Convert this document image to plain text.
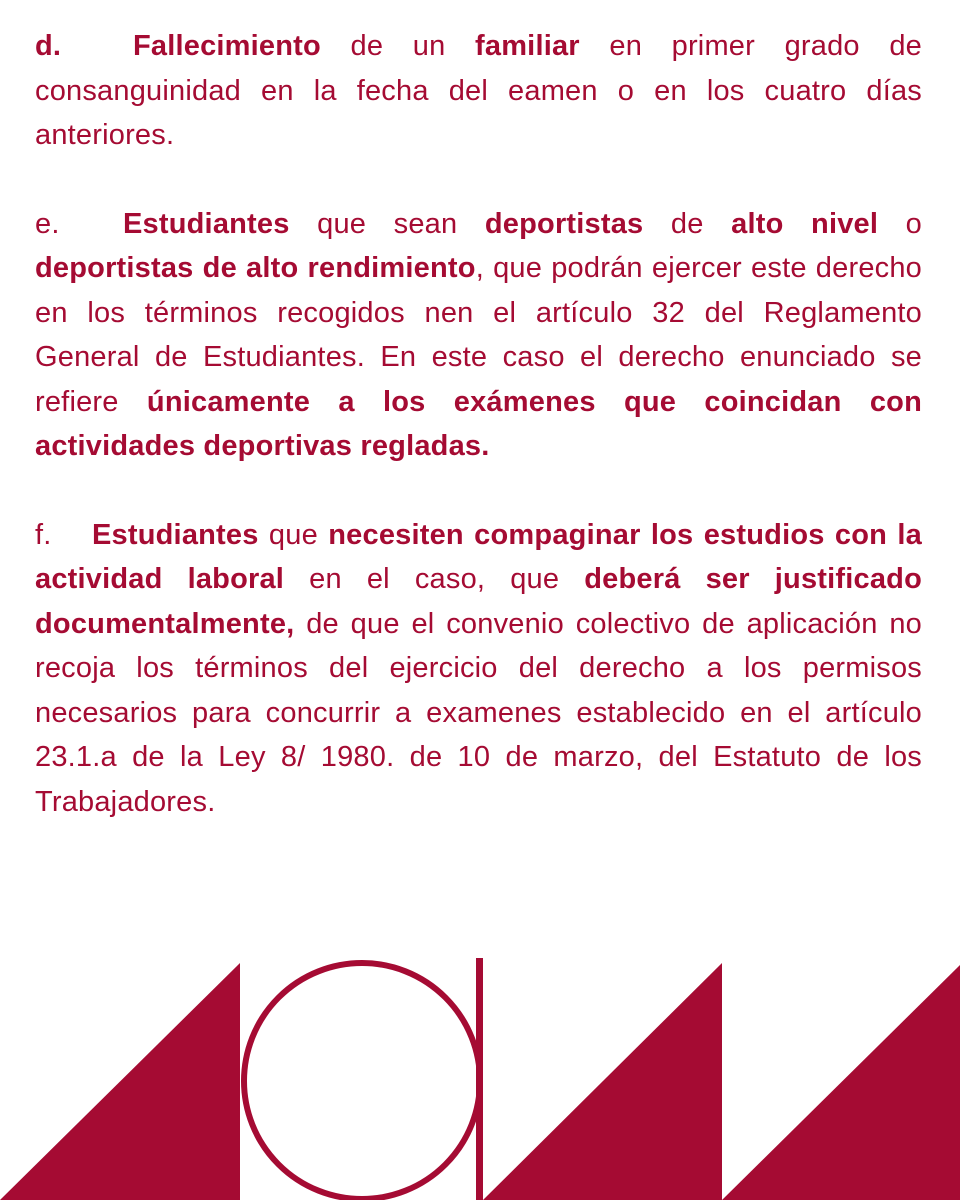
d. Fallecimiento de un familiar en primer grado de consanguinidad en la fecha del eamen o en los cuatro días anteriores.

e. Estudiantes que sean deportistas de alto nivel o deportistas de alto rendimiento, que podrán ejercer este derecho en los términos recogidos nen el artículo 32 del Reglamento General de Estudiantes. En este caso el derecho enunciado se refiere únicamente a los exámenes que coincidan con actividades deportivas regladas.

f. Estudiantes que necesiten compaginar los estudios con la actividad laboral en el caso, que deberá ser justificado documentalmente, de que el convenio colectivo de aplicación no recoja los términos del ejercicio del derecho a los permisos necesarios para concurrir a examenes establecido en el artículo 23.1.a de la Ley 8/ 1980. de 10 de marzo, del Estatuto de los Trabajadores.
